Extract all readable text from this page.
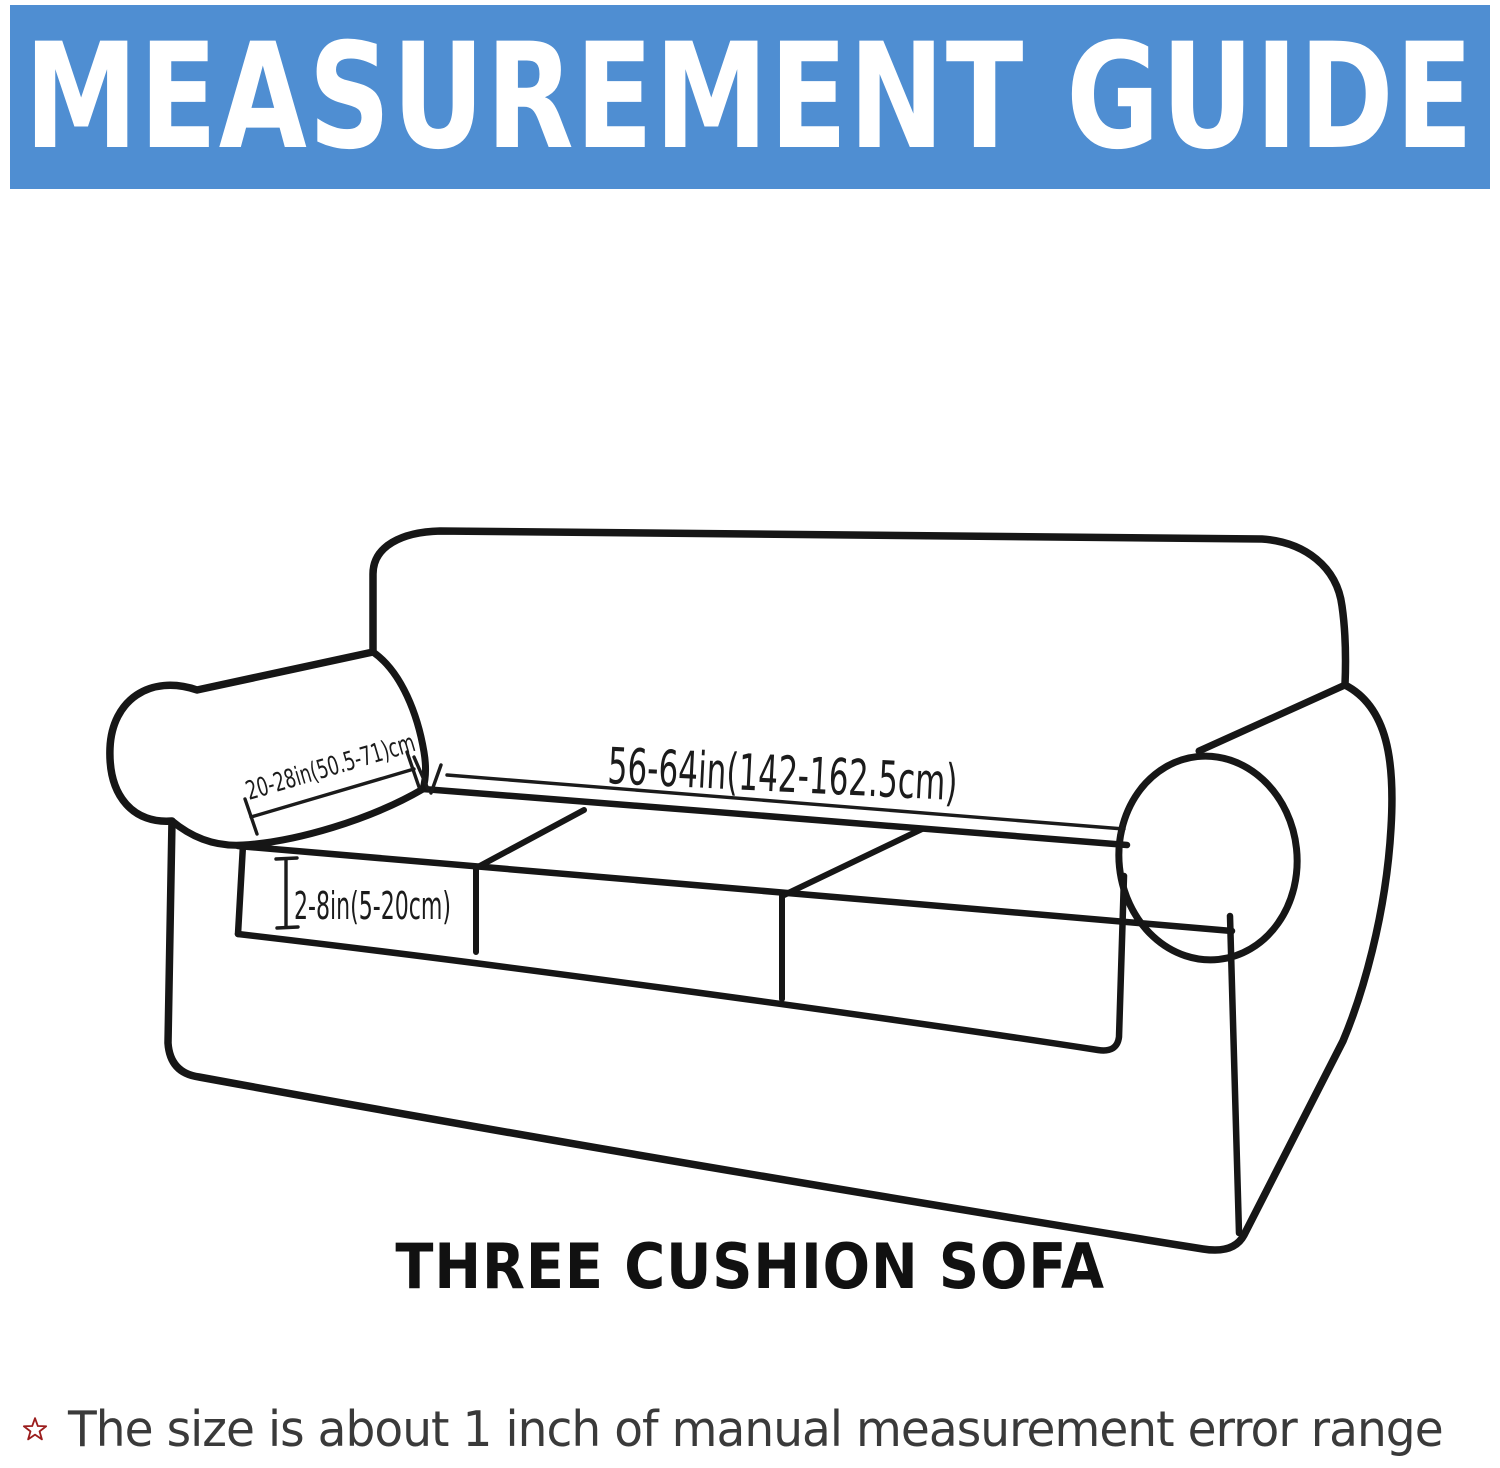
MEASUREMENT GUIDE
56-64in(142-162.5cm)
20-28in(50.5-71)cm
2-8in(5-20cm)
THREE CUSHION SOFA
The size is about 1 inch of manual measurement error range
